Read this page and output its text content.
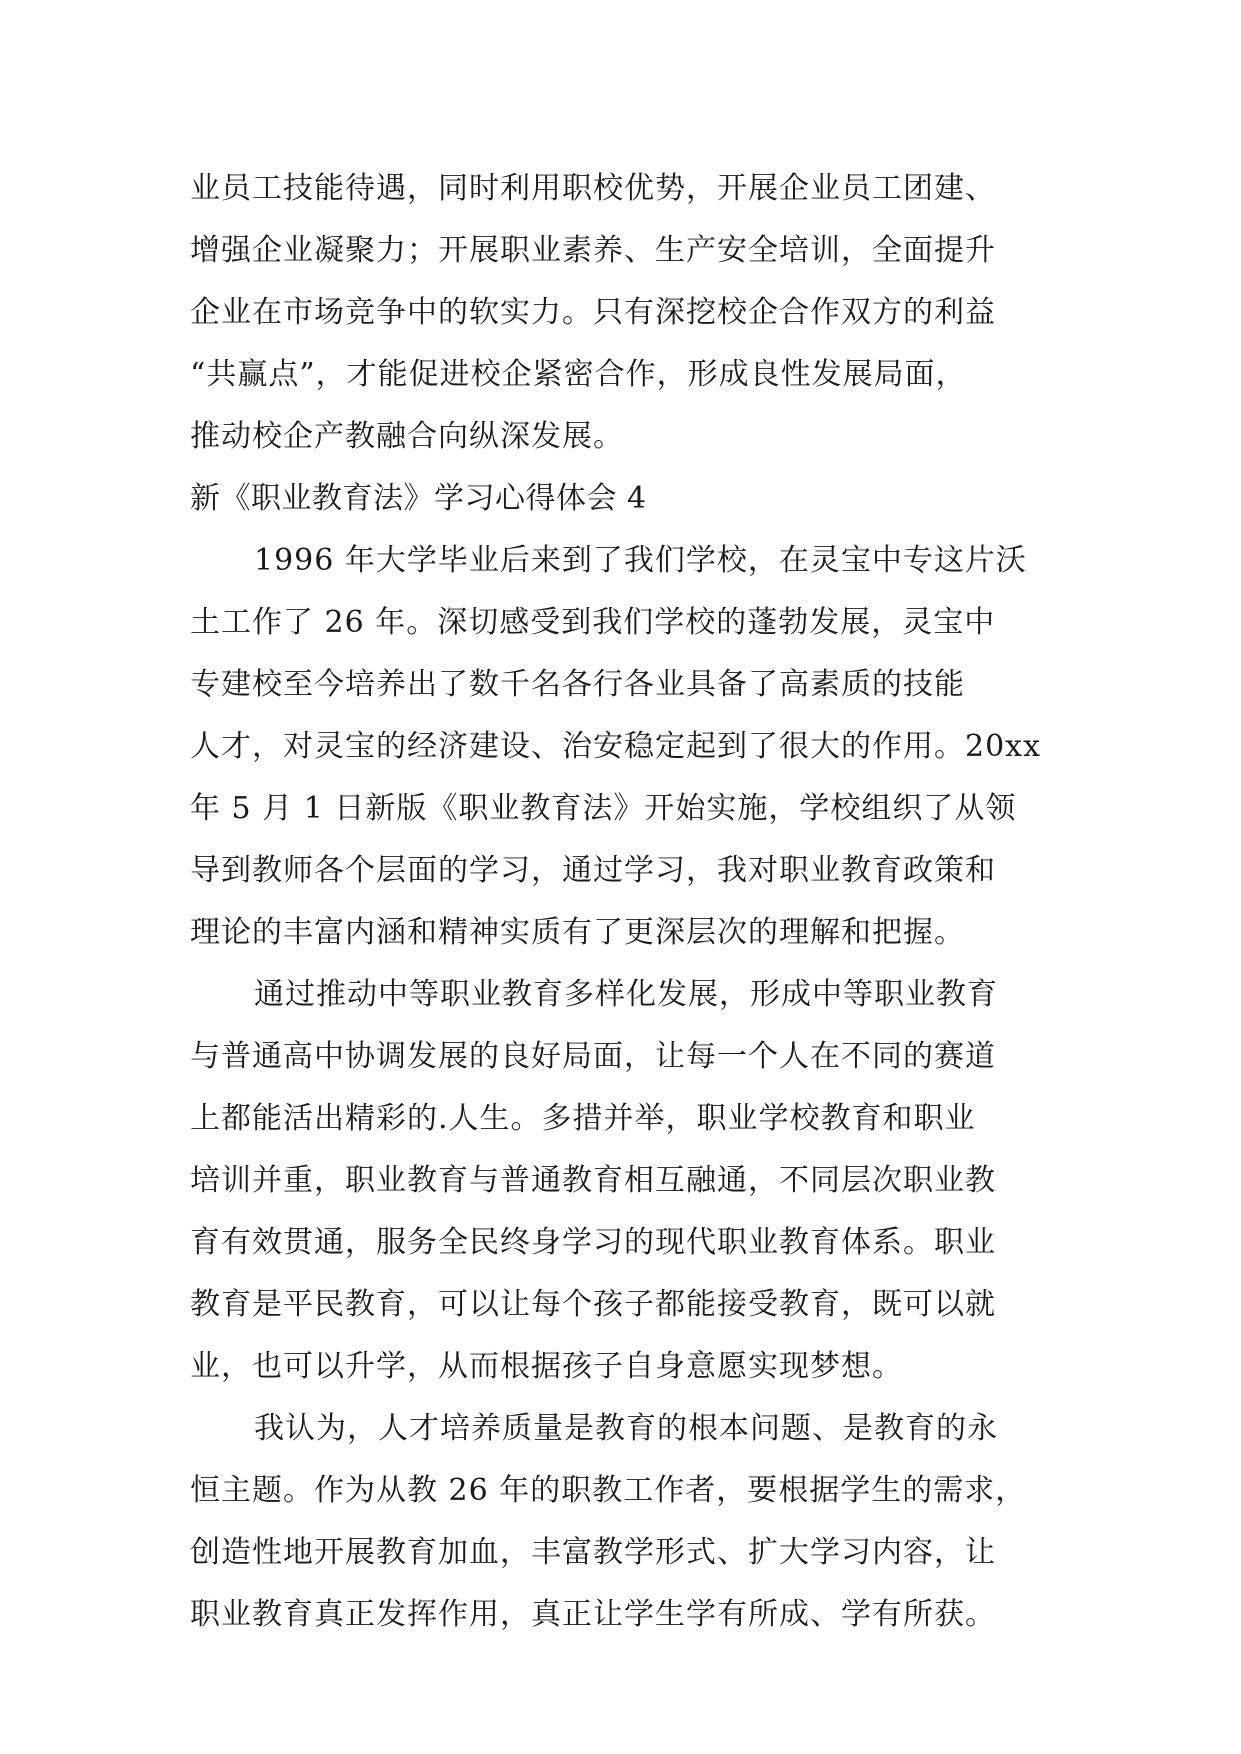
业员工技能待遇，同时利用职校优势，开展企业员工团建、
增强企业凝聚力；开展职业素养、生产安全培训，全面提升
企业在市场竞争中的软实力。只有深挖校企合作双方的利益
“共赢点”，才能促进校企紧密合作，形成良性发展局面，
推动校企产教融合向纵深发展。
新《职业教育法》学习心得体会 4
1996 年大学毕业后来到了我们学校，在灵宝中专这片沃
土工作了 26 年。深切感受到我们学校的蓬勃发展，灵宝中
专建校至今培养出了数千名各行各业具备了高素质的技能
人才，对灵宝的经济建设、治安稳定起到了很大的作用。20xx
年 5 月 1 日新版《职业教育法》开始实施，学校组织了从领
导到教师各个层面的学习，通过学习，我对职业教育政策和
理论的丰富内涵和精神实质有了更深层次的理解和把握。
通过推动中等职业教育多样化发展，形成中等职业教育
与普通高中协调发展的良好局面，让每一个人在不同的赛道
上都能活出精彩的.人生。多措并举，职业学校教育和职业
培训并重，职业教育与普通教育相互融通，不同层次职业教
育有效贯通，服务全民终身学习的现代职业教育体系。职业
教育是平民教育，可以让每个孩子都能接受教育，既可以就
业，也可以升学，从而根据孩子自身意愿实现梦想。
我认为，人才培养质量是教育的根本问题、是教育的永
恒主题。作为从教 26 年的职教工作者，要根据学生的需求，
创造性地开展教育加血，丰富教学形式、扩大学习内容，让
职业教育真正发挥作用，真正让学生学有所成、学有所获。
